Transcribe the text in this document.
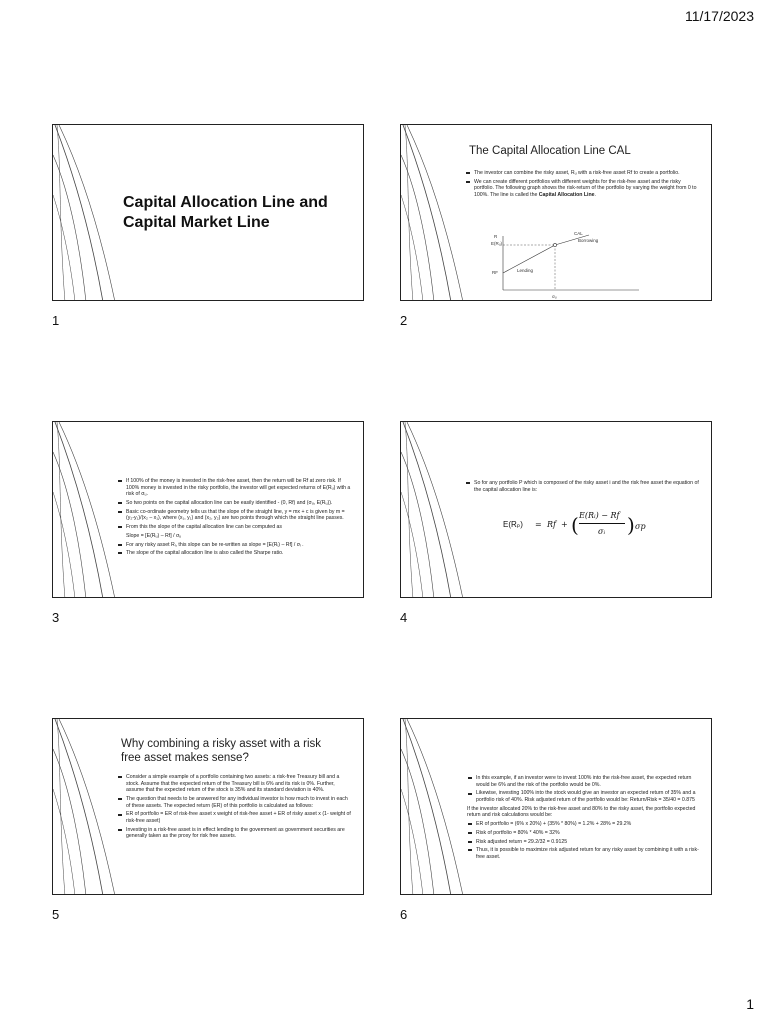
11/17/2023
Capital Allocation Line and
Capital Market Line
1
The Capital Allocation Line CAL
The investor can combine the risky asset, Rᵤ with a risk-free asset Rf to create a portfolio.
We can create different portfolios with different weights for the risk-free asset and the risky portfolio. The following graph shows the risk-return of the portfolio by varying the weight from 0 to 100%. The line is called the Capital Allocation Line.
CAL
Borrowing
Lending
R
E(Rᵤ)
RF
σᵤ
2
If 100% of the money is invested in the risk-free asset, then the return will be Rf at zero risk. If 100% money is invested in the risky portfolio, the investor will get expected returns of E(Rᵤ) with a risk of σᵤ.
So two points on the capital allocation line can be easily identified - (0, Rf) and (σᵤ, E(Rᵤ)).
Basic co-ordinate geometry tells us that the slope of the straight line, y = mx + c is given by m = (y₂-y₁)/(x₂ – x₁), where (x₁, y₁) and (x₂, y₂) are two points through which the straight line passes.
From this the slope of the capital allocation line can be computed as
Slope = [E(Rᵤ) – Rf] / σᵤ
For any risky asset Rᵢ, this slope can be re-written as slope = [E(Rᵢ) – Rf] / σᵢ .
The slope of the capital allocation line is also called the Sharpe ratio.
3
So for any portfolio P which is composed of the risky asset i and the risk free asset the equation of the capital allocation line is:
E(Rₚ) = Rf + ( E(Rᵢ) − Rf
σᵢ ) σp
4
Why combining a risky asset with a risk
free asset makes sense?
Consider a simple example of a portfolio containing two assets: a risk-free Treasury bill and a stock. Assume that the expected return of the Treasury bill is 6% and its risk is 0%. Further, assume that the expected return of the stock is 35% and its standard deviation is 40%.
The question that needs to be answered for any individual investor is how much to invest in each of these assets. The expected return (ER) of this portfolio is calculated as follows:
ER of portfolio = ER of risk-free asset x weight of risk-free asset + ER of risky asset x (1- weight of risk-free asset)
Investing in a risk-free asset is in effect lending to the government as government securities are generally taken as the proxy for risk free assets.
5
In this example, if an investor were to invest 100% into the risk-free asset, the expected return would be 6% and the risk of the portfolio would be 0%.
Likewise, investing 100% into the stock would give an investor an expected return of 35% and a portfolio risk of 40%. Risk adjusted return of the portfolio would be: Return/Risk = 35/40 = 0.875

If the investor allocated 20% to the risk-free asset and 80% to the risky asset, the portfolio expected return and risk calculations would be:

ER of portfolio = (6% x 20%) + (35% * 80%) = 1.2% + 28% = 29.2%
Risk of portfolio = 80% * 40% = 32%
Risk adjusted return = 29.2/32 = 0.9125
Thus, it is possible to maximize risk adjusted return for any risky asset by combining it with a risk-free asset.
6
1
